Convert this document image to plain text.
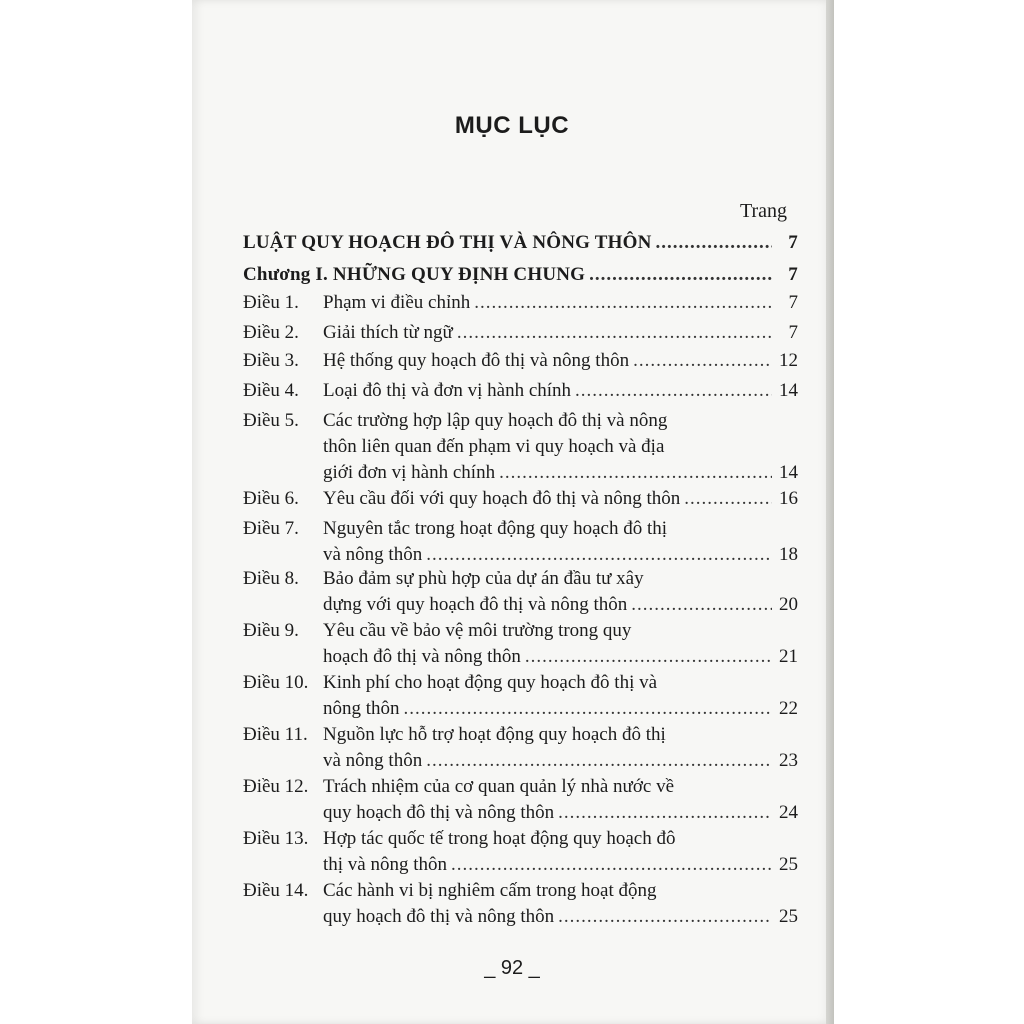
MỤC LỤC
Trang
LUẬT QUY HOẠCH ĐÔ THỊ VÀ NÔNG THÔN .....	7
Chương I. NHỮNG QUY ĐỊNH CHUNG .....	7
Điều 1.	Phạm vi điều chỉnh .....	7
Điều 2.	Giải thích từ ngữ .....	7
Điều 3.	Hệ thống quy hoạch đô thị và nông thôn .....	12
Điều 4.	Loại đô thị và đơn vị hành chính .....	14
Điều 5.	Các trường hợp lập quy hoạch đô thị và nông
thôn liên quan đến phạm vi quy hoạch và địa
giới đơn vị hành chính .....	14
Điều 6.	Yêu cầu đối với quy hoạch đô thị và nông thôn .....	16
Điều 7.	Nguyên tắc trong hoạt động quy hoạch đô thị
và nông thôn .....	18
Điều 8.	Bảo đảm sự phù hợp của dự án đầu tư xây
dựng với quy hoạch đô thị và nông thôn .....	20
Điều 9.	Yêu cầu về bảo vệ môi trường trong quy
hoạch đô thị và nông thôn .....	21
Điều 10. Kinh phí cho hoạt động quy hoạch đô thị và
nông thôn .....	22
Điều 11. Nguồn lực hỗ trợ hoạt động quy hoạch đô thị
và nông thôn .....	23
Điều 12. Trách nhiệm của cơ quan quản lý nhà nước về
quy hoạch đô thị và nông thôn .....	24
Điều 13. Hợp tác quốc tế trong hoạt động quy hoạch đô
thị và nông thôn .....	25
Điều 14. Các hành vi bị nghiêm cấm trong hoạt động
quy hoạch đô thị và nông thôn .....	25
_ 92 _
